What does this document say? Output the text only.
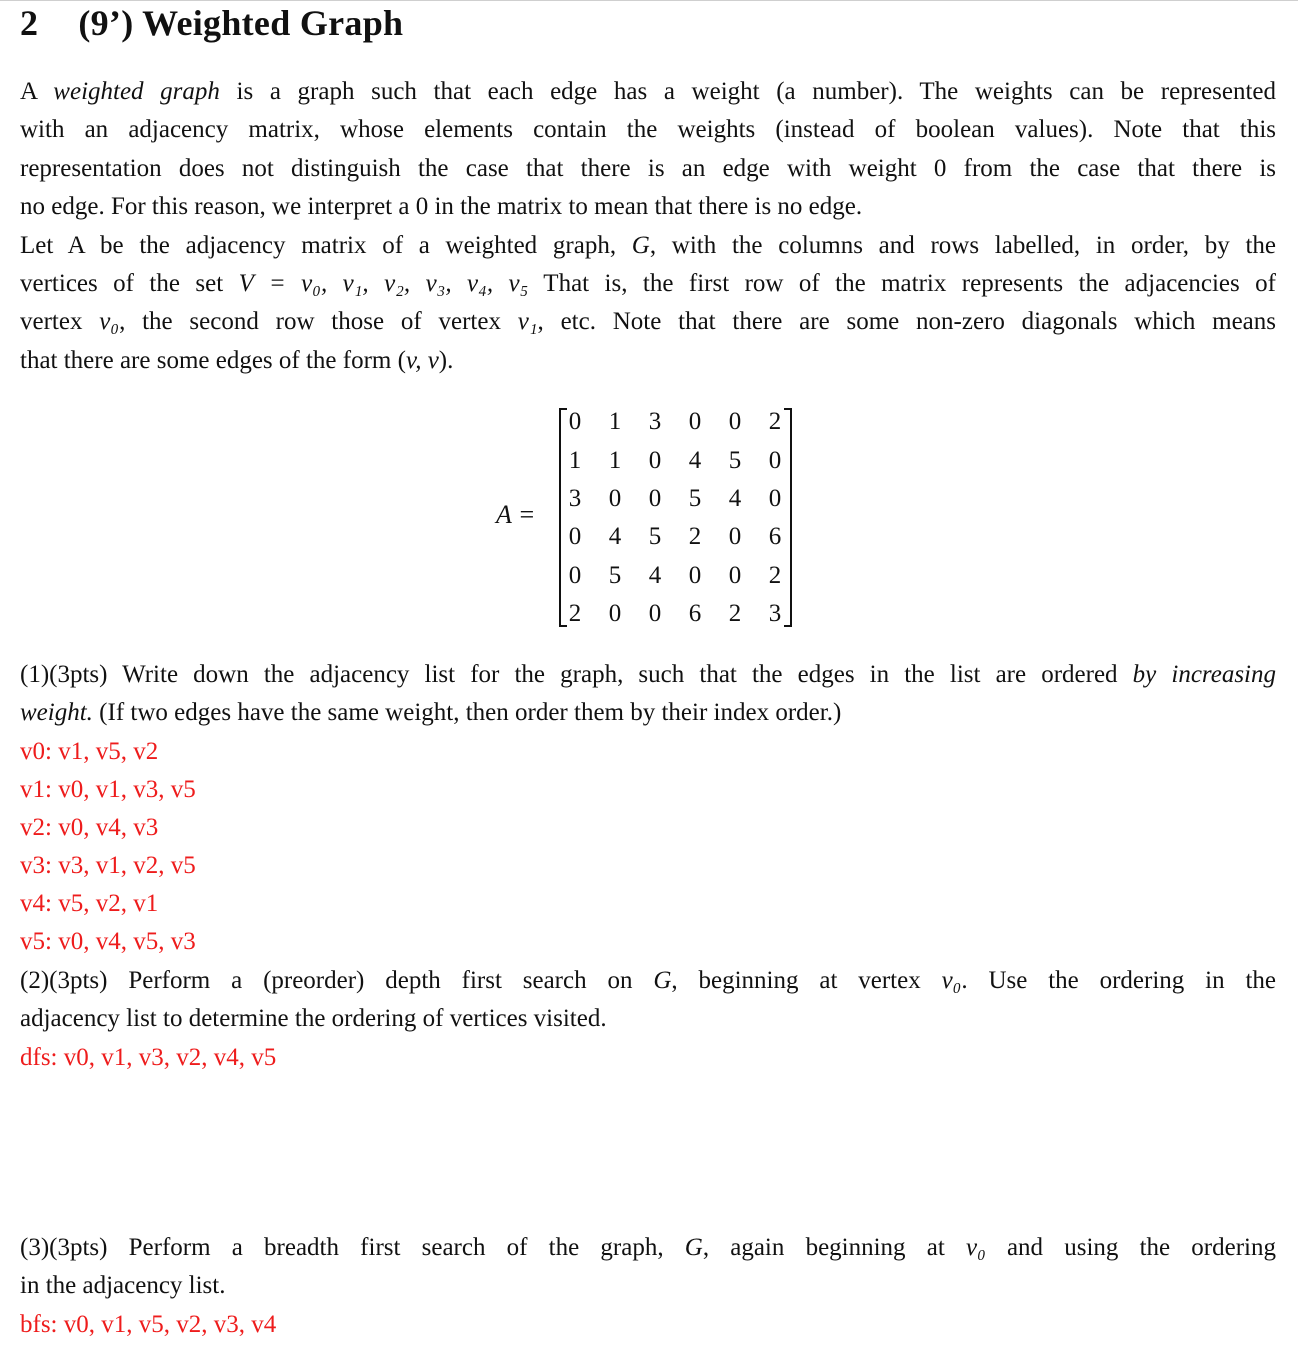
2 (9’) Weighted Graph
A weighted graph is a graph such that each edge has a weight (a number). The weights can be represented
with an adjacency matrix, whose elements contain the weights (instead of boolean values). Note that this
representation does not distinguish the case that there is an edge with weight 0 from the case that there is
no edge. For this reason, we interpret a 0 in the matrix to mean that there is no edge.
Let A be the adjacency matrix of a weighted graph, G, with the columns and rows labelled, in order, by the
vertices of the set V = v₀, v₁, v₂, v₃, v₄, v₅ That is, the first row of the matrix represents the adjacencies of
vertex v₀, the second row those of vertex v₁, etc. Note that there are some non-zero diagonals which means
that there are some edges of the form (v, v).
A =
0 1 3 0 0 2
1 1 0 4 5 0
3 0 0 5 4 0
0 4 5 2 0 6
0 5 4 0 0 2
2 0 0 6 2 3
(1)(3pts) Write down the adjacency list for the graph, such that the edges in the list are ordered by increasing
weight. (If two edges have the same weight, then order them by their index order.)
v0: v1, v5, v2
v1: v0, v1, v3, v5
v2: v0, v4, v3
v3: v3, v1, v2, v5
v4: v5, v2, v1
v5: v0, v4, v5, v3
(2)(3pts) Perform a (preorder) depth first search on G, beginning at vertex v₀. Use the ordering in the
adjacency list to determine the ordering of vertices visited.
dfs: v0, v1, v3, v2, v4, v5
(3)(3pts) Perform a breadth first search of the graph, G, again beginning at v₀ and using the ordering
in the adjacency list.
bfs: v0, v1, v5, v2, v3, v4
